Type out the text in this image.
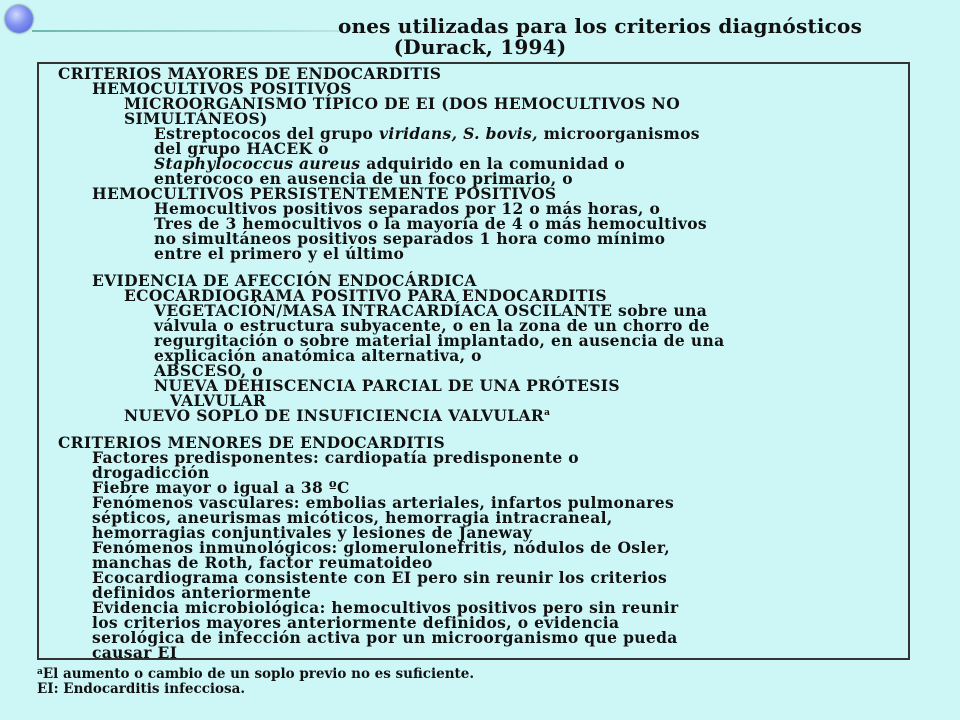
ones utilizadas para los criterios diagnósticos
(Durack, 1994)
CRITERIOS MAYORES DE ENDOCARDITIS
HEMOCULTIVOS POSITIVOS
MICROORGANISMO TÍPICO DE EI (DOS HEMOCULTIVOS NO
SIMULTÁNEOS)
Estreptococos del grupo viridans, S. bovis, microorganismos
del grupo HACEK o
Staphylococcus aureus adquirido en la comunidad o
enterococo en ausencia de un foco primario, o
HEMOCULTIVOS PERSISTENTEMENTE POSITIVOS
Hemocultivos positivos separados por 12 o más horas, o
Tres de 3 hemocultivos o la mayoría de 4 o más hemocultivos
no simultáneos positivos separados 1 hora como mínimo
entre el primero y el último
EVIDENCIA DE AFECCIÓN ENDOCÁRDICA
ECOCARDIOGRAMA POSITIVO PARA ENDOCARDITIS
VEGETACIÓN/MASA INTRACARDÍACA OSCILANTE sobre una
válvula o estructura subyacente, o en la zona de un chorro de
regurgitación o sobre material implantado, en ausencia de una
explicación anatómica alternativa, o
ABSCESO, o
NUEVA DEHISCENCIA PARCIAL DE UNA PRÓTESIS
VALVULAR
NUEVO SOPLO DE INSUFICIENCIA VALVULAR$^a$
CRITERIOS MENORES DE ENDOCARDITIS
Factores predisponentes: cardiopatía predisponente o
drogadicción
Fiebre mayor o igual a 38 ºC
Fenómenos vasculares: embolias arteriales, infartos pulmonares
sépticos, aneurismas micóticos, hemorragia intracraneal,
hemorragias conjuntivales y lesiones de Janeway
Fenómenos inmunológicos: glomerulonefritis, nódulos de Osler,
manchas de Roth, factor reumatoideo
Ecocardiograma consistente con EI pero sin reunir los criterios
definidos anteriormente
Evidencia microbiológica: hemocultivos positivos pero sin reunir
los criterios mayores anteriormente definidos, o evidencia
serológica de infección activa por un microorganismo que pueda
causar EI
$^a$El aumento o cambio de un soplo previo no es suficiente.
EI: Endocarditis infecciosa.
